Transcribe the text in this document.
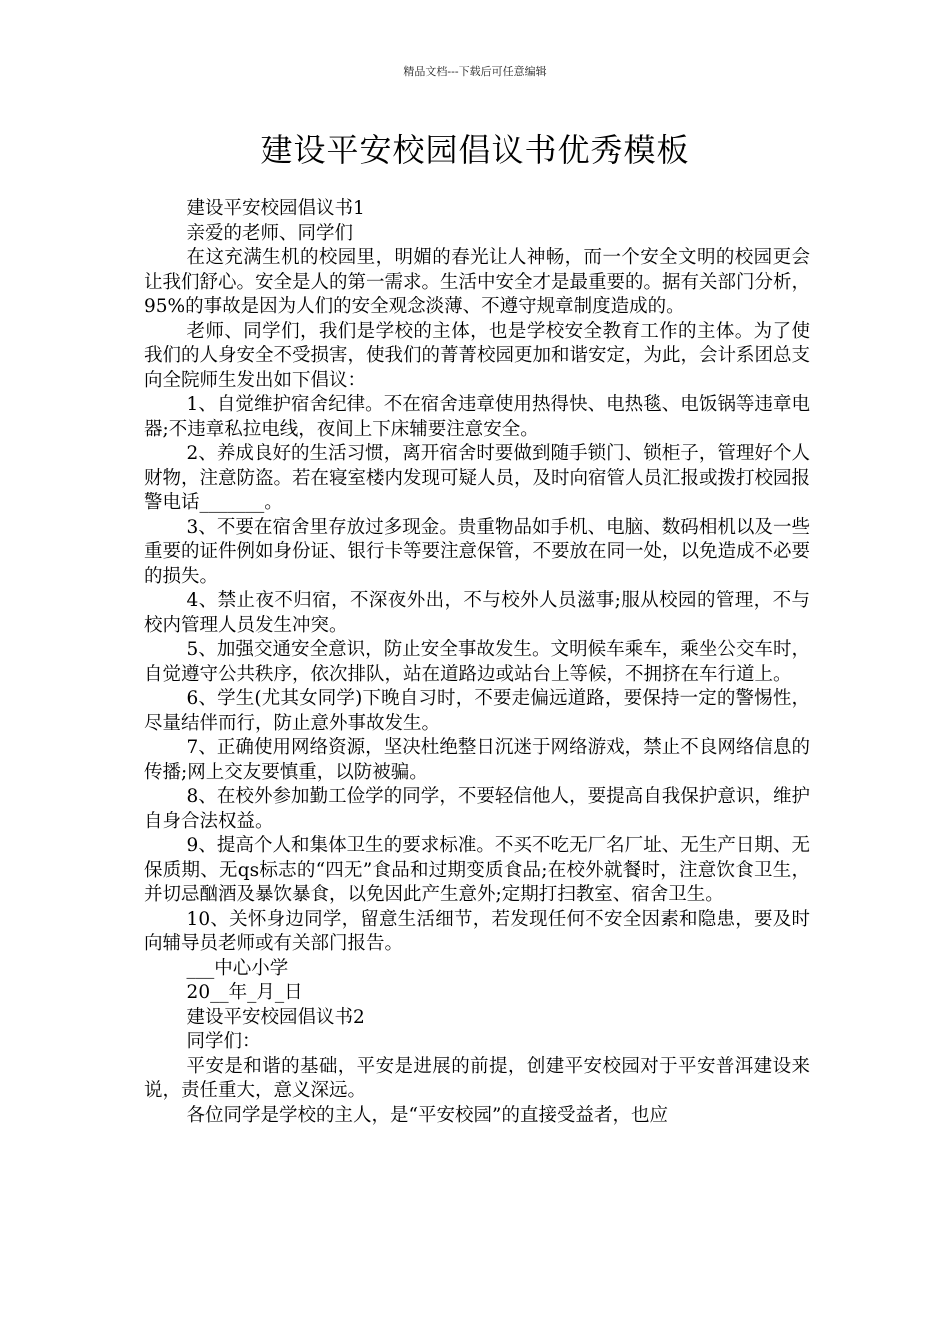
精品文档---下载后可任意编辑
建设平安校园倡议书优秀模板

建设平安校园倡议书1

亲爱的老师、同学们

在这充满生机的校园里，明媚的春光让人神畅，而一个安全文明的校园更会让我们舒心。安全是人的第一需求。生活中安全才是最重要的。据有关部门分析，95%的事故是因为人们的安全观念淡薄、不遵守规章制度造成的。

老师、同学们，我们是学校的主体，也是学校安全教育工作的主体。为了使我们的人身安全不受损害，使我们的菁菁校园更加和谐安定，为此，会计系团总支向全院师生发出如下倡议：

1、自觉维护宿舍纪律。不在宿舍违章使用热得快、电热毯、电饭锅等违章电器;不违章私拉电线，夜间上下床辅要注意安全。

2、养成良好的生活习惯，离开宿舍时要做到随手锁门、锁柜子，管理好个人财物，注意防盗。若在寝室楼内发现可疑人员，及时向宿管人员汇报或拨打校园报警电话_______。

3、不要在宿舍里存放过多现金。贵重物品如手机、电脑、数码相机以及一些重要的证件例如身份证、银行卡等要注意保管，不要放在同一处，以免造成不必要的损失。

4、禁止夜不归宿，不深夜外出，不与校外人员滋事;服从校园的管理，不与校内管理人员发生冲突。

5、加强交通安全意识，防止安全事故发生。文明候车乘车，乘坐公交车时，自觉遵守公共秩序，依次排队，站在道路边或站台上等候，不拥挤在车行道上。

6、学生(尤其女同学)下晚自习时，不要走偏远道路，要保持一定的警惕性，尽量结伴而行，防止意外事故发生。

7、正确使用网络资源，坚决杜绝整日沉迷于网络游戏，禁止不良网络信息的传播;网上交友要慎重，以防被骗。

8、在校外参加勤工俭学的同学，不要轻信他人，要提高自我保护意识，维护自身合法权益。

9、提高个人和集体卫生的要求标准。不买不吃无厂名厂址、无生产日期、无保质期、无qs标志的“四无”食品和过期变质食品;在校外就餐时，注意饮食卫生，并切忌酗酒及暴饮暴食，以免因此产生意外;定期打扫教室、宿舍卫生。

10、关怀身边同学，留意生活细节，若发现任何不安全因素和隐患，要及时向辅导员老师或有关部门报告。

___中心小学

20__年_月_日

建设平安校园倡议书2

同学们：

平安是和谐的基础，平安是进展的前提，创建平安校园对于平安普洱建设来说，责任重大，意义深远。

各位同学是学校的主人，是“平安校园”的直接受益者，也应
